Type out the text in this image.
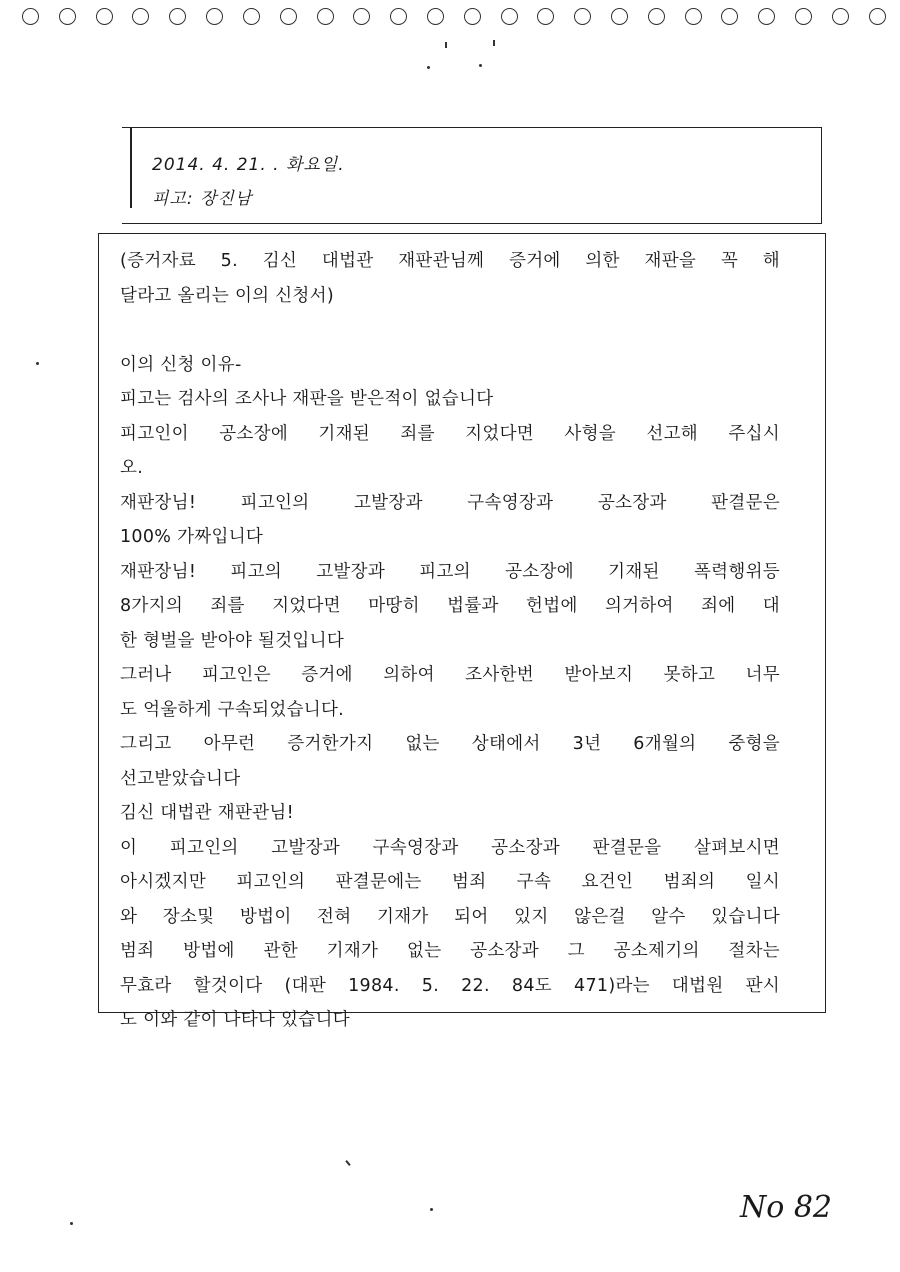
2014. 4. 21. . 화요일.
피고: 장진남
(증거자료 5. 김신 대법관 재판관님께 증거에 의한 재판을 꼭 해
달라고 올리는 이의 신청서)
이의 신청 이유-
피고는 검사의 조사나 재판을 받은적이 없습니다
피고인이 공소장에 기재된 죄를 지었다면 사형을 선고해 주십시
오.
재판장님! 피고인의 고발장과 구속영장과 공소장과 판결문은
100% 가짜입니다
재판장님! 피고의 고발장과 피고의 공소장에 기재된 폭력행위등
8가지의 죄를 지었다면 마땅히 법률과 헌법에 의거하여 죄에 대
한 형벌을 받아야 될것입니다
그러나 피고인은 증거에 의하여 조사한번 받아보지 못하고 너무
도 억울하게 구속되었습니다.
그리고 아무런 증거한가지 없는 상태에서 3년 6개월의 중형을
선고받았습니다
김신 대법관 재판관님!
이 피고인의 고발장과 구속영장과 공소장과 판결문을 살펴보시면
아시겠지만 피고인의 판결문에는 범죄 구속 요건인 범죄의 일시
와 장소및 방법이 전혀 기재가 되어 있지 않은걸 알수 있습니다
범죄 방법에 관한 기재가 없는 공소장과 그 공소제기의 절차는
무효라 할것이다 (대판 1984. 5. 22. 84도 471)라는 대법원 판시
도 이와 같이 나타나 있습니다
No 82
